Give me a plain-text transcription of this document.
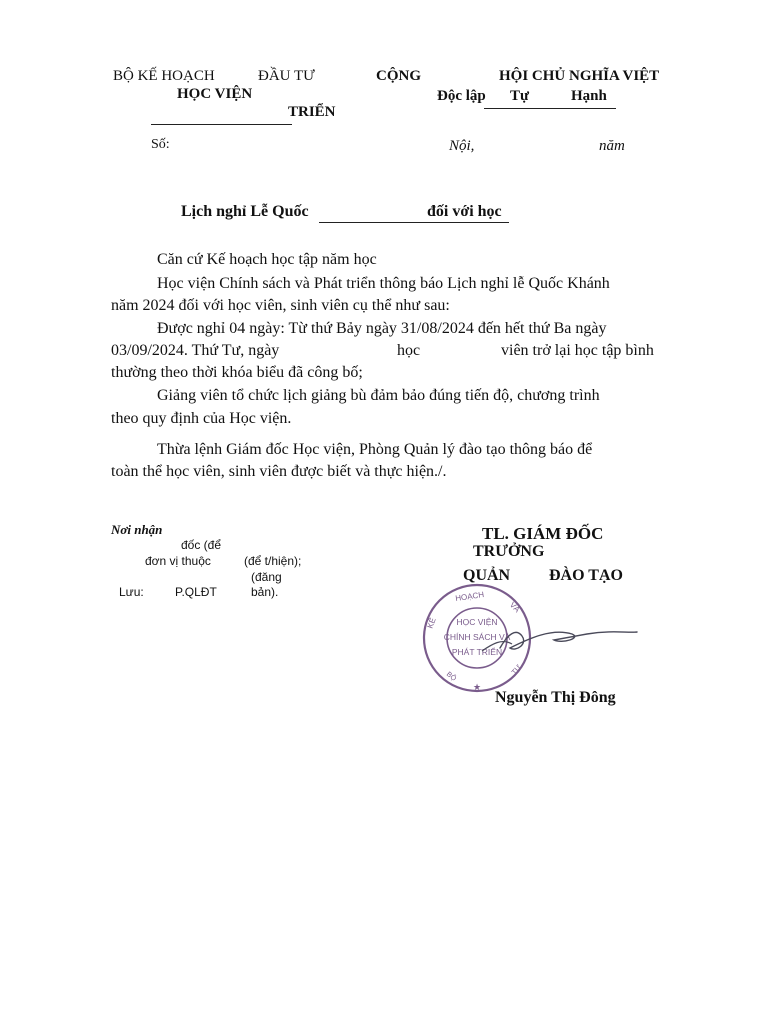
BỘ KẾ HOẠCH	ĐẦU TƯ
HỌC VIỆN
TRIỂN
CỘNG	HỘI CHỦ NGHĨA VIỆT
Độc lập Tự	Hạnh
Số:	Nội,	năm
Lịch nghỉ Lễ Quốc	đối với học
Căn cứ Kế hoạch học tập năm học
Học viện Chính sách và Phát triển thông báo Lịch nghỉ lễ Quốc Khánh
năm 2024 đối với học viên, sinh viên cụ thể như sau:
Được nghỉ 04 ngày: Từ thứ Bảy ngày 31/08/2024 đến hết thứ Ba ngày
03/09/2024. Thứ Tư, ngày	học	viên trở lại học tập bình
thường theo thời khóa biểu đã công bố;
Giảng viên tổ chức lịch giảng bù đảm bảo đúng tiến độ, chương trình
theo quy định của Học viện.
Thừa lệnh Giám đốc Học viện, Phòng Quản lý đào tạo thông báo để
toàn thể học viên, sinh viên được biết và thực hiện./.
Nơi nhận
đốc (để
đơn vị thuộc	(để t/hiện);
(đăng
Lưu:	P.QLĐT	bản).
TL. GIÁM ĐỐC
TRƯỞNG
QUẢN ĐÀO TẠO
HOẠCH
VÀ
KẾ
BỘ
TƯ
HỌC VIỆN
CHÍNH SÁCH VÀ
PHÁT TRIỂN
★
Nguyễn Thị Đông
